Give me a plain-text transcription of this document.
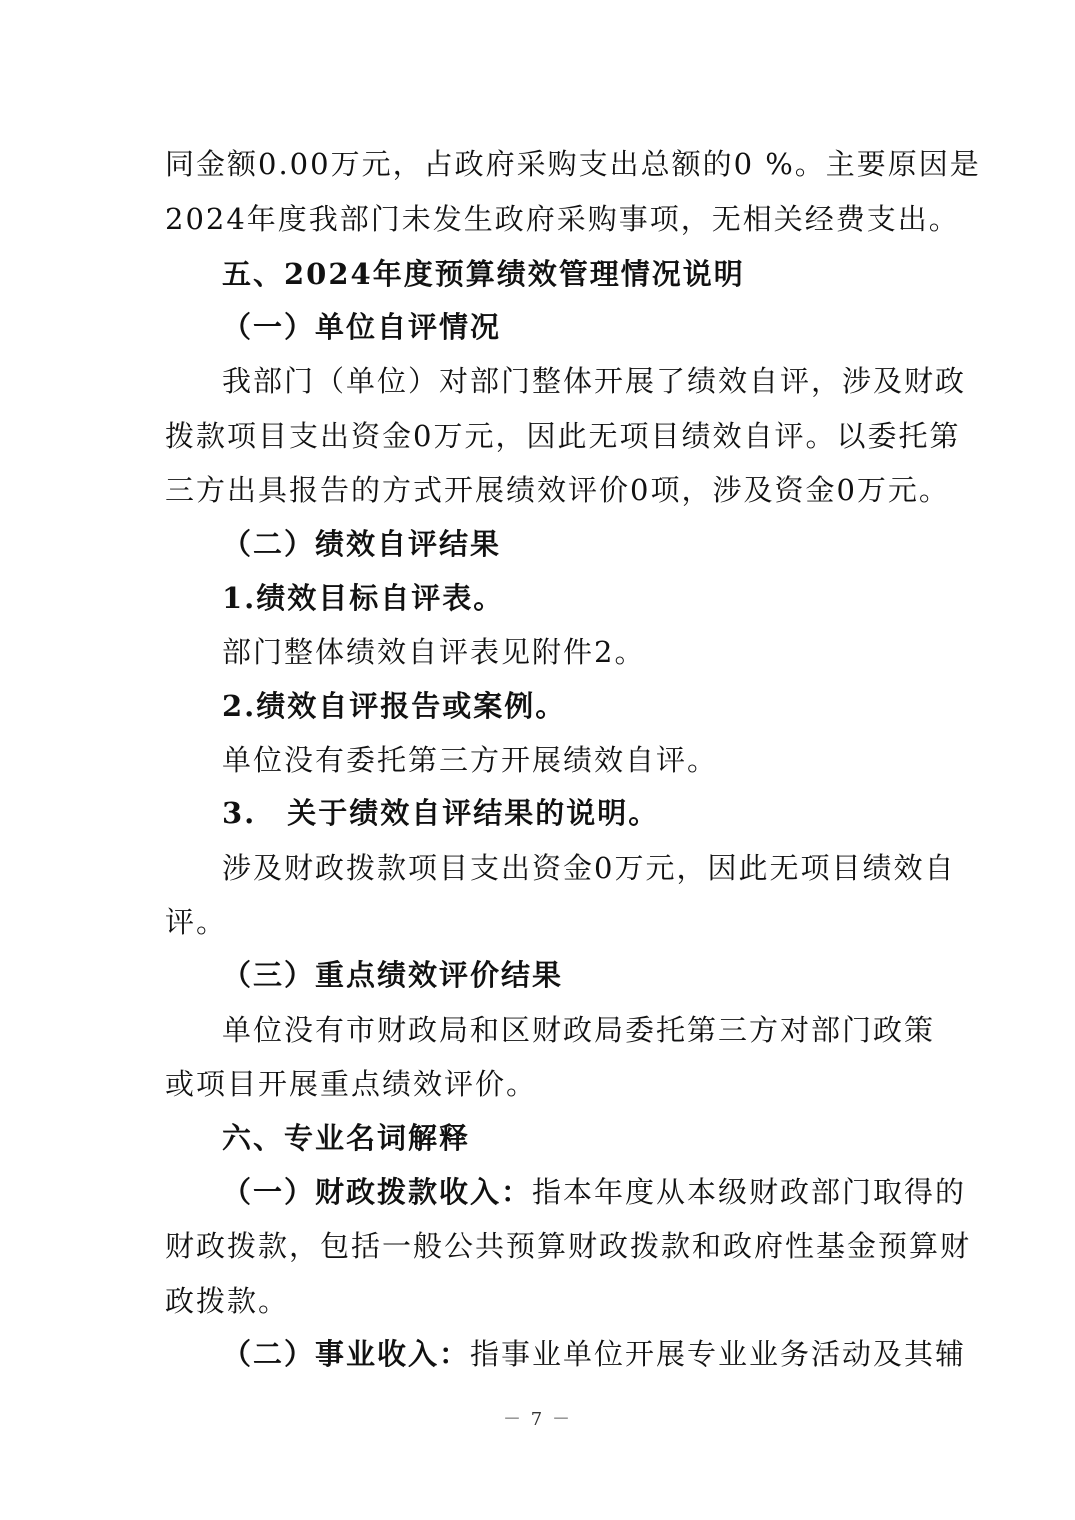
同金额0.00万元，占政府采购支出总额的0 %。主要原因是
2024年度我部门未发生政府采购事项，无相关经费支出。
五、2024年度预算绩效管理情况说明
（一）单位自评情况
我部门（单位）对部门整体开展了绩效自评，涉及财政
拨款项目支出资金0万元，因此无项目绩效自评。以委托第
三方出具报告的方式开展绩效评价0项，涉及资金0万元。
（二）绩效自评结果
1.绩效目标自评表。
部门整体绩效自评表见附件2。
2.绩效自评报告或案例。
单位没有委托第三方开展绩效自评。
3.　关于绩效自评结果的说明。
涉及财政拨款项目支出资金0万元，因此无项目绩效自
评。
（三）重点绩效评价结果
单位没有市财政局和区财政局委托第三方对部门政策
或项目开展重点绩效评价。
六、专业名词解释
（一）财政拨款收入：指本年度从本级财政部门取得的
财政拨款，包括一般公共预算财政拨款和政府性基金预算财
政拨款。
（二）事业收入：指事业单位开展专业业务活动及其辅
－ 7 －
